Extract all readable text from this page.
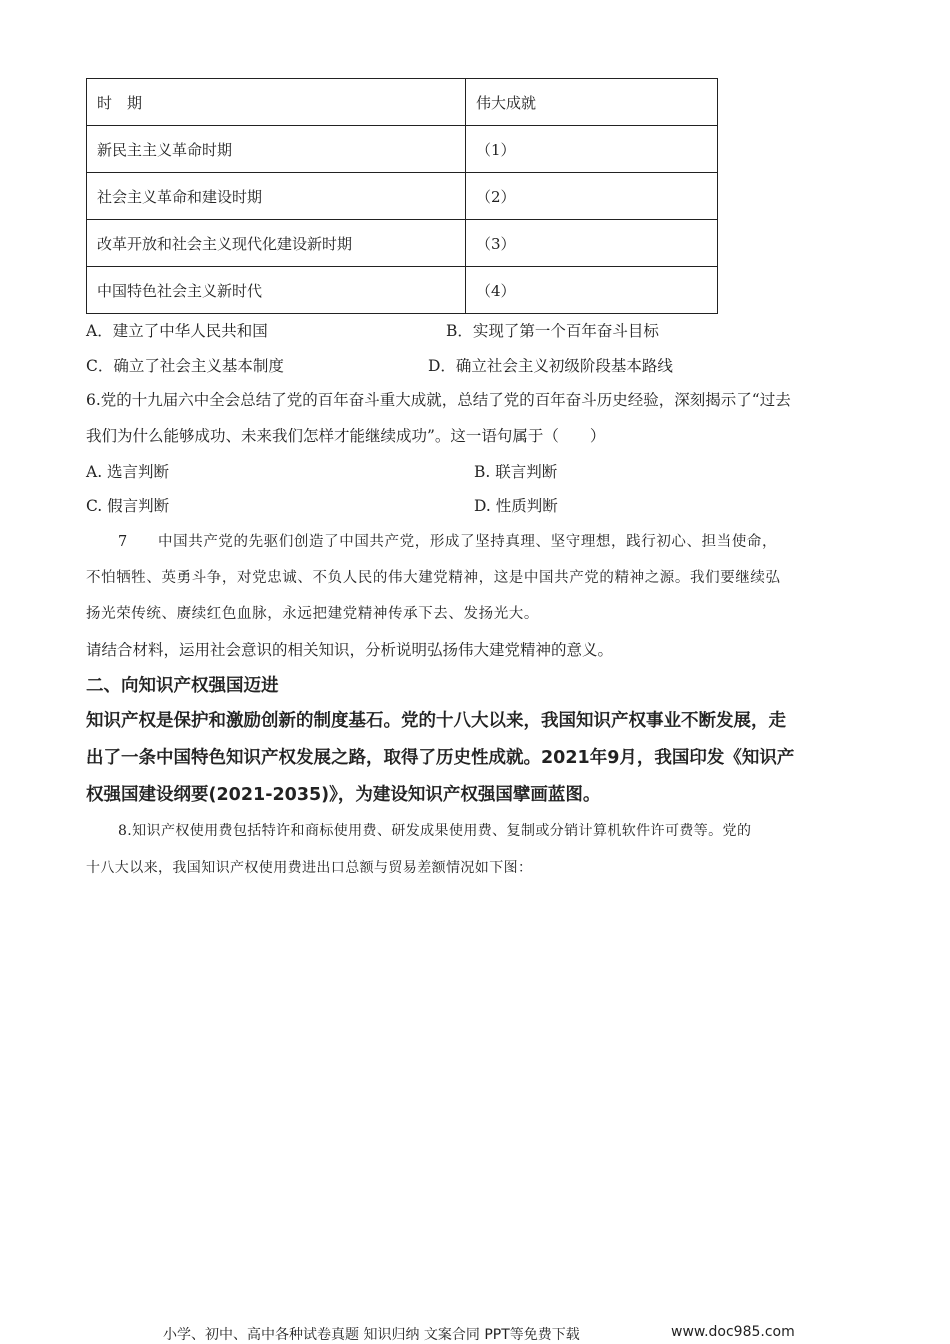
时　期	伟大成就
新民主主义革命时期	（1）
社会主义革命和建设时期	（2）
改革开放和社会主义现代化建设新时期	（3）
中国特色社会主义新时代	（4）
A．建立了中华人民共和国	B．实现了第一个百年奋斗目标
C．确立了社会主义基本制度	D．确立社会主义初级阶段基本路线
6.党的十九届六中全会总结了党的百年奋斗重大成就，总结了党的百年奋斗历史经验，深刻揭示了“过去
我们为什么能够成功、未来我们怎样才能继续成功”。这一语句属于（　　）
A. 选言判断	B. 联言判断
C. 假言判断	D. 性质判断
7　　中国共产党的先驱们创造了中国共产党，形成了坚持真理、坚守理想，践行初心、担当使命，
不怕牺牲、英勇斗争，对党忠诚、不负人民的伟大建党精神，这是中国共产党的精神之源。我们要继续弘
扬光荣传统、赓续红色血脉，永远把建党精神传承下去、发扬光大。
请结合材料，运用社会意识的相关知识，分析说明弘扬伟大建党精神的意义。
二、向知识产权强国迈进
知识产权是保护和激励创新的制度基石。党的十八大以来，我国知识产权事业不断发展，走
出了一条中国特色知识产权发展之路，取得了历史性成就。2021年9月，我国印发《知识产
权强国建设纲要(2021-2035)》，为建设知识产权强国擘画蓝图。
8.知识产权使用费包括特许和商标使用费、研发成果使用费、复制或分销计算机软件许可费等。党的
十八大以来，我国知识产权使用费进出口总额与贸易差额情况如下图：
小学、初中、高中各种试卷真题 知识归纳 文案合同 PPT等免费下载	www.doc985.com
